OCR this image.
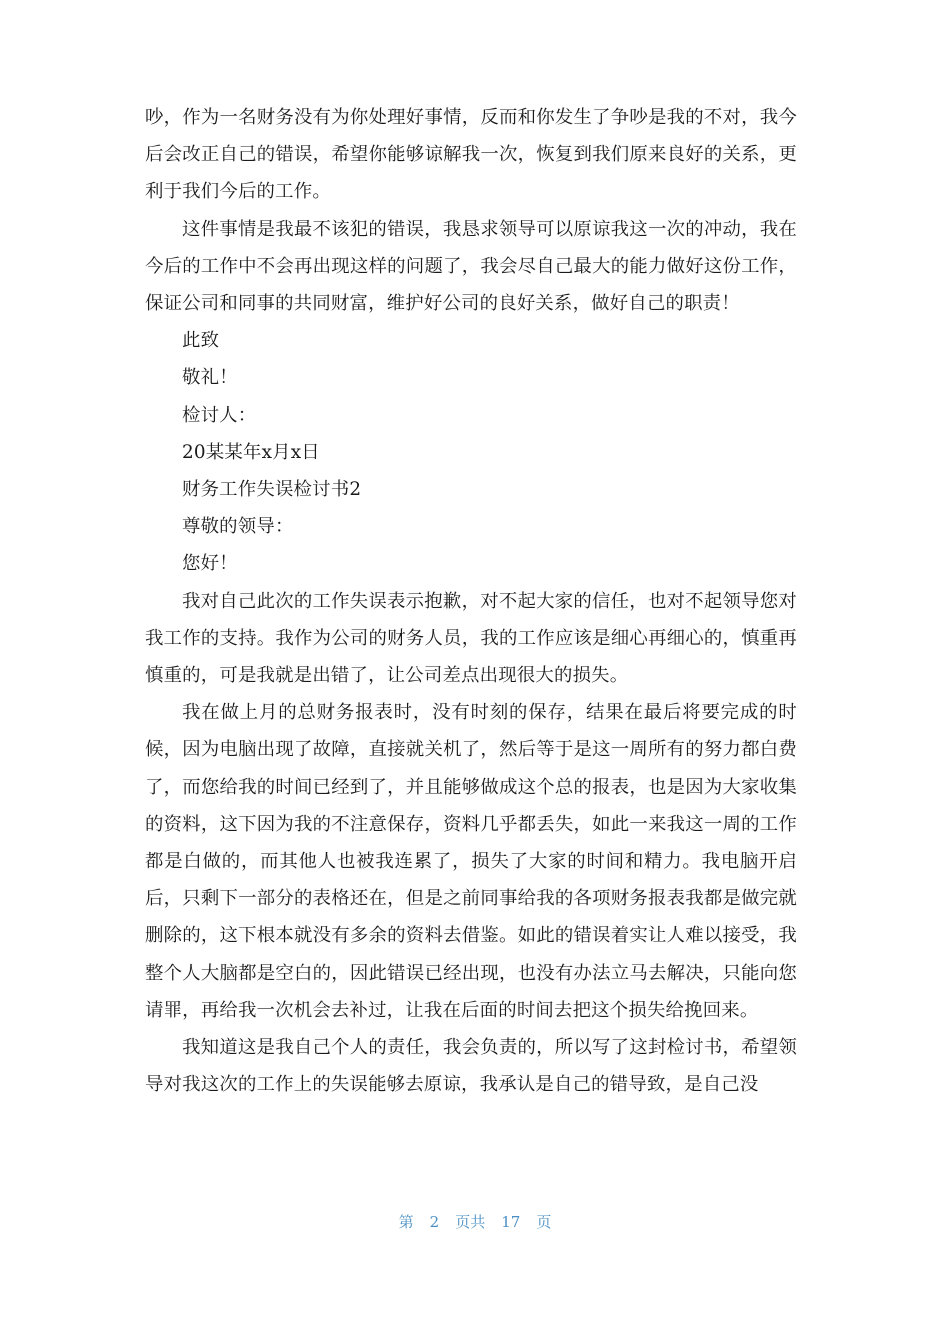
吵，作为一名财务没有为你处理好事情，反而和你发生了争吵是我的不对，我今后会改正自己的错误，希望你能够谅解我一次，恢复到我们原来良好的关系，更利于我们今后的工作。

这件事情是我最不该犯的错误，我恳求领导可以原谅我这一次的冲动，我在今后的工作中不会再出现这样的问题了，我会尽自己最大的能力做好这份工作，保证公司和同事的共同财富，维护好公司的良好关系，做好自己的职责！

此致

敬礼！

检讨人：

20某某年x月x日

财务工作失误检讨书2

尊敬的领导：

您好！

我对自己此次的工作失误表示抱歉，对不起大家的信任，也对不起领导您对我工作的支持。我作为公司的财务人员，我的工作应该是细心再细心的，慎重再慎重的，可是我就是出错了，让公司差点出现很大的损失。

我在做上月的总财务报表时，没有时刻的保存，结果在最后将要完成的时候，因为电脑出现了故障，直接就关机了，然后等于是这一周所有的努力都白费了，而您给我的时间已经到了，并且能够做成这个总的报表，也是因为大家收集的资料，这下因为我的不注意保存，资料几乎都丢失，如此一来我这一周的工作都是白做的，而其他人也被我连累了，损失了大家的时间和精力。我电脑开启后，只剩下一部分的表格还在，但是之前同事给我的各项财务报表我都是做完就删除的，这下根本就没有多余的资料去借鉴。如此的错误着实让人难以接受，我整个人大脑都是空白的，因此错误已经出现，也没有办法立马去解决，只能向您请罪，再给我一次机会去补过，让我在后面的时间去把这个损失给挽回来。

我知道这是我自己个人的责任，我会负责的，所以写了这封检讨书，希望领导对我这次的工作上的失误能够去原谅，我承认是自己的错导致，是自己没

第 2 页共 17 页
